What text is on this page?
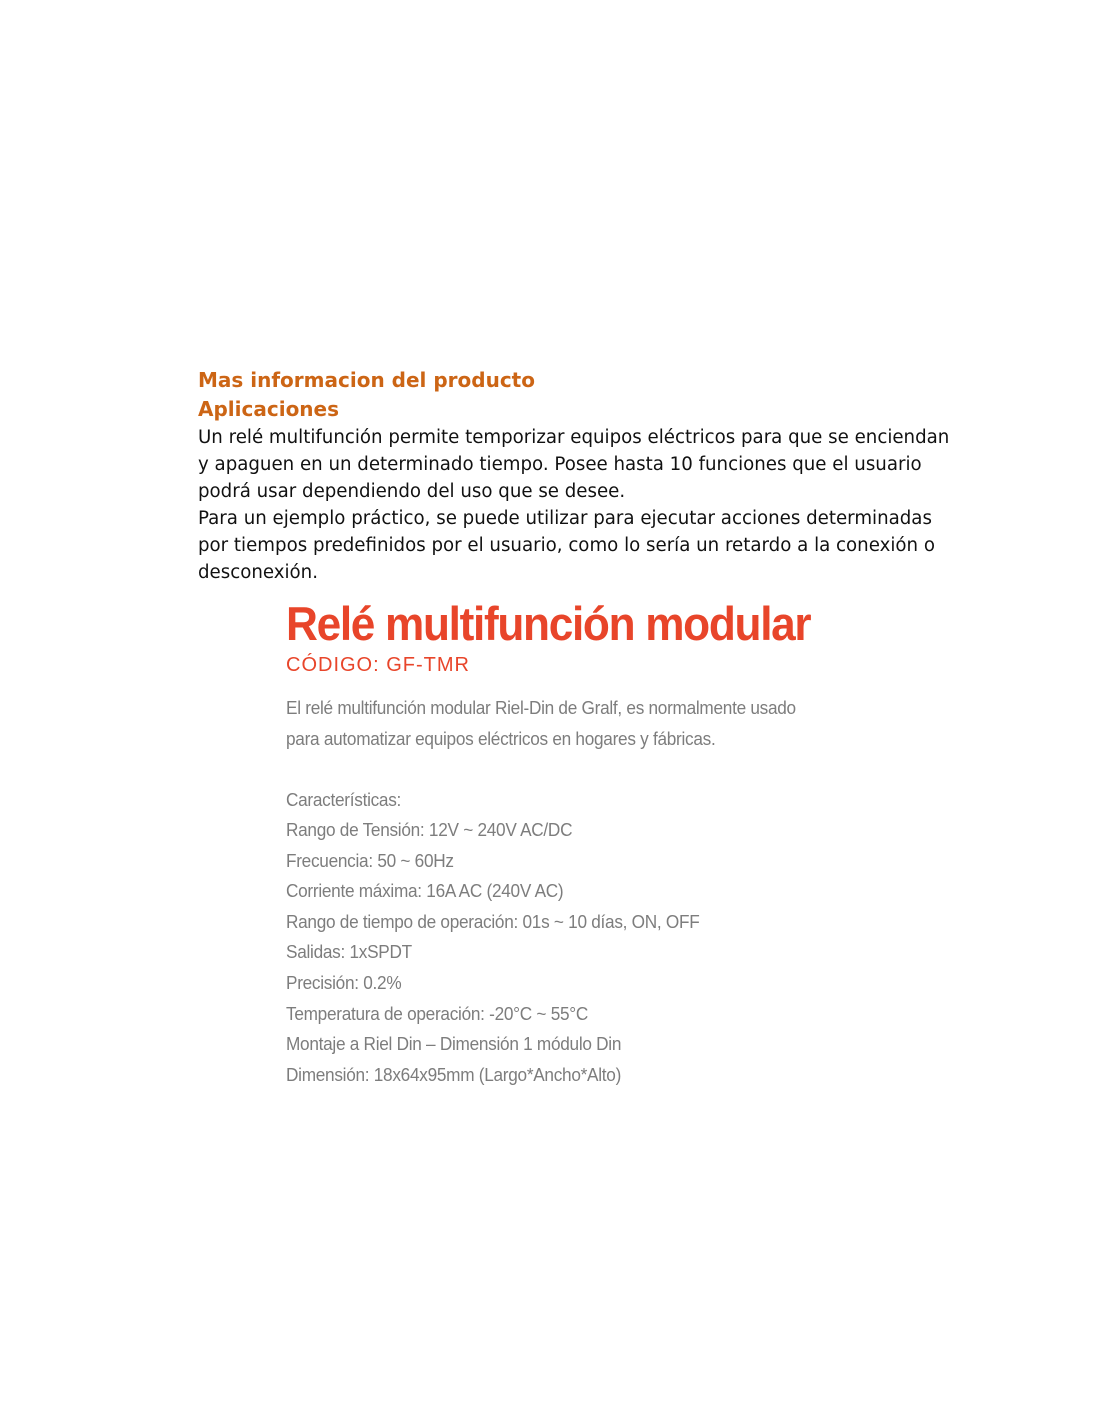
Mas informacion del producto
Aplicaciones

Un relé multifunción permite temporizar equipos eléctricos para que se enciendan y apaguen en un determinado tiempo. Posee hasta 10 funciones que el usuario podrá usar dependiendo del uso que se desee.

Para un ejemplo práctico, se puede utilizar para ejecutar acciones determinadas por tiempos predefinidos por el usuario, como lo sería un retardo a la conexión o desconexión.

Relé multifunción modular
CÓDIGO: GF-TMR
El relé multifunción modular Riel-Din de Gralf, es normalmente usado
para automatizar equipos eléctricos en hogares y fábricas.
Características:
Rango de Tensión: 12V ~ 240V AC/DC
Frecuencia: 50 ~ 60Hz
Corriente máxima: 16A AC (240V AC)
Rango de tiempo de operación: 01s ~ 10 días, ON, OFF
Salidas: 1xSPDT
Precisión: 0.2%
Temperatura de operación: -20°C ~ 55°C
Montaje a Riel Din – Dimensión 1 módulo Din
Dimensión: 18x64x95mm (Largo*Ancho*Alto)
